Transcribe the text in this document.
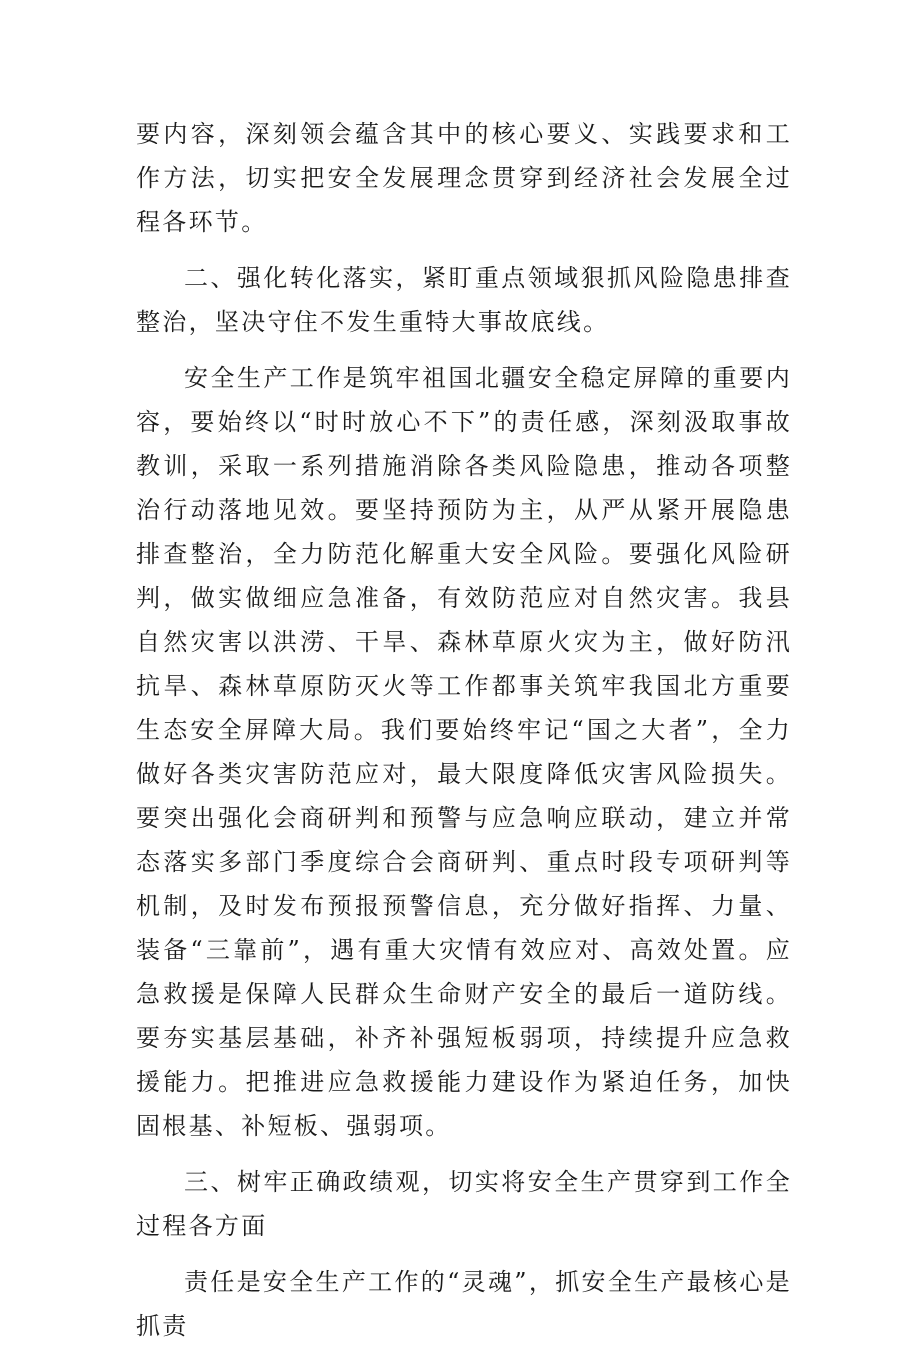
要内容，深刻领会蕴含其中的核心要义、实践要求和工作方法，切实把安全发展理念贯穿到经济社会发展全过程各环节。

二、强化转化落实，紧盯重点领域狠抓风险隐患排查整治，坚决守住不发生重特大事故底线。

安全生产工作是筑牢祖国北疆安全稳定屏障的重要内容，要始终以“时时放心不下”的责任感，深刻汲取事故教训，采取一系列措施消除各类风险隐患，推动各项整治行动落地见效。要坚持预防为主，从严从紧开展隐患排查整治，全力防范化解重大安全风险。要强化风险研判，做实做细应急准备，有效防范应对自然灾害。我县自然灾害以洪涝、干旱、森林草原火灾为主，做好防汛抗旱、森林草原防灭火等工作都事关筑牢我国北方重要生态安全屏障大局。我们要始终牢记“国之大者”，全力做好各类灾害防范应对，最大限度降低灾害风险损失。要突出强化会商研判和预警与应急响应联动，建立并常态落实多部门季度综合会商研判、重点时段专项研判等机制，及时发布预报预警信息，充分做好指挥、力量、装备“三靠前”，遇有重大灾情有效应对、高效处置。应急救援是保障人民群众生命财产安全的最后一道防线。要夯实基层基础，补齐补强短板弱项，持续提升应急救援能力。把推进应急救援能力建设作为紧迫任务，加快固根基、补短板、强弱项。

三、树牢正确政绩观，切实将安全生产贯穿到工作全过程各方面

责任是安全生产工作的“灵魂”，抓安全生产最核心是抓责
